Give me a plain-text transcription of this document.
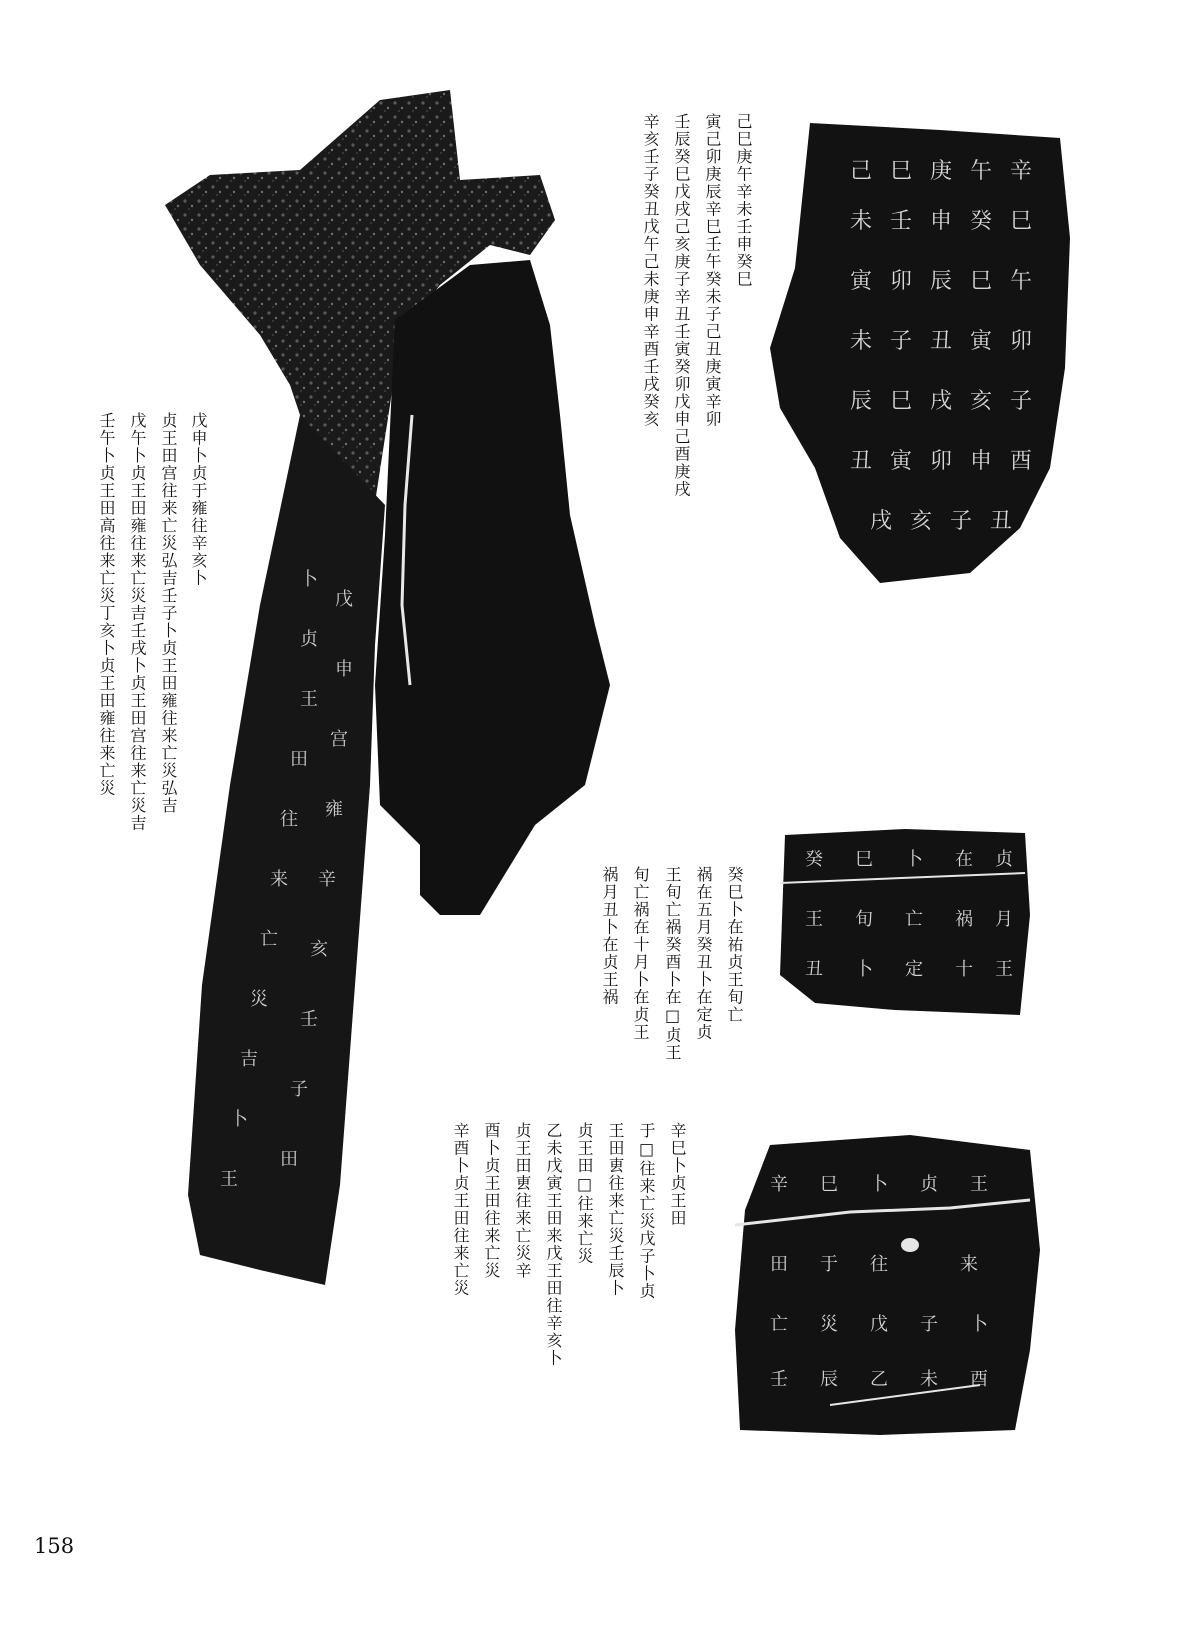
卜
贞
王
田
往
来
亡
災
吉
卜
王
戊
申
宫
雍
辛
亥
壬
子
田
己 巳 庚 午 辛
未 壬 申 癸 巳
寅 卯 辰 巳 午
未 子 丑 寅 卯
辰 巳 戌 亥 子
丑 寅 卯 申 酉
戌 亥 子 丑
癸 巳 卜 在 贞
王 旬 亡 祸 月
丑 卜 定 十 王
辛 巳 卜 贞 王
田 于 往	来
亡 災 戊 子 卜
壬 辰 乙 未 酉
己巳庚午辛未壬申癸巳
寅己卯庚辰辛巳壬午癸未子己丑庚寅辛卯
壬辰癸巳戊戌己亥庚子辛丑壬寅癸卯戊申己酉庚戌
辛亥壬子癸丑戊午己未庚申辛酉壬戌癸亥
戊申卜贞于雍往辛亥卜
贞王田宫往来亡災弘吉壬子卜贞王田雍往来亡災弘吉
戊午卜贞王田雍往来亡災吉壬戌卜贞王田宫往来亡災吉
壬午卜贞王田高往来亡災丁亥卜贞王田雍往来亡災
癸巳卜在祐贞王旬亡
祸在五月癸丑卜在定贞
王旬亡祸癸酉卜在□贞王
旬亡祸在十月卜在贞王
祸月丑卜在贞王祸
辛巳卜贞王田
于□往来亡災戊子卜贞
王田叀往来亡災壬辰卜
贞王田□往来亡災
乙未戊寅王田来戊王田往辛亥卜
贞王田叀往来亡災辛
酉卜贞王田往来亡災
辛酉卜贞王田往来亡災
158
